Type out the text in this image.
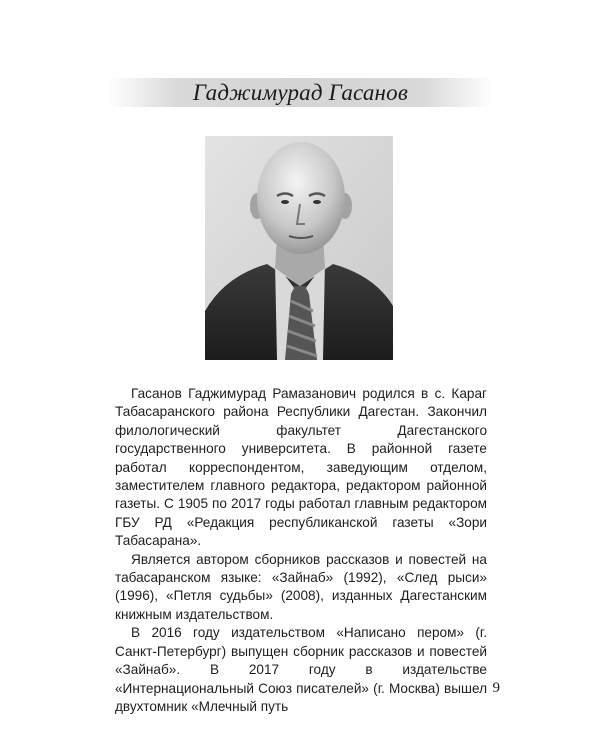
Гаджимурад Гасанов

Гасанов Гаджимурад Рамазанович родился в с. Караг Табасаранского района Республики Дагестан. Закончил филологический факультет Дагестанского государственного университета. В районной газете работал корреспондентом, заведующим отделом, заместителем главного редактора, редактором районной газеты. С 1905 по 2017 годы работал главным редактором ГБУ РД «Редакция республиканской газеты «Зори Табасарана».

Является автором сборников рассказов и повестей на табасаранском языке: «Зайнаб» (1992), «След рыси» (1996), «Петля судьбы» (2008), изданных Дагестанским книжным издательством.

В 2016 году издательством «Написано пером» (г. Санкт-Петербург) выпущен сборник рассказов и повестей «Зайнаб». В 2017 году в издательстве «Интернациональный Союз писателей» (г. Москва) вышел двухтомник «Млечный путь

9
